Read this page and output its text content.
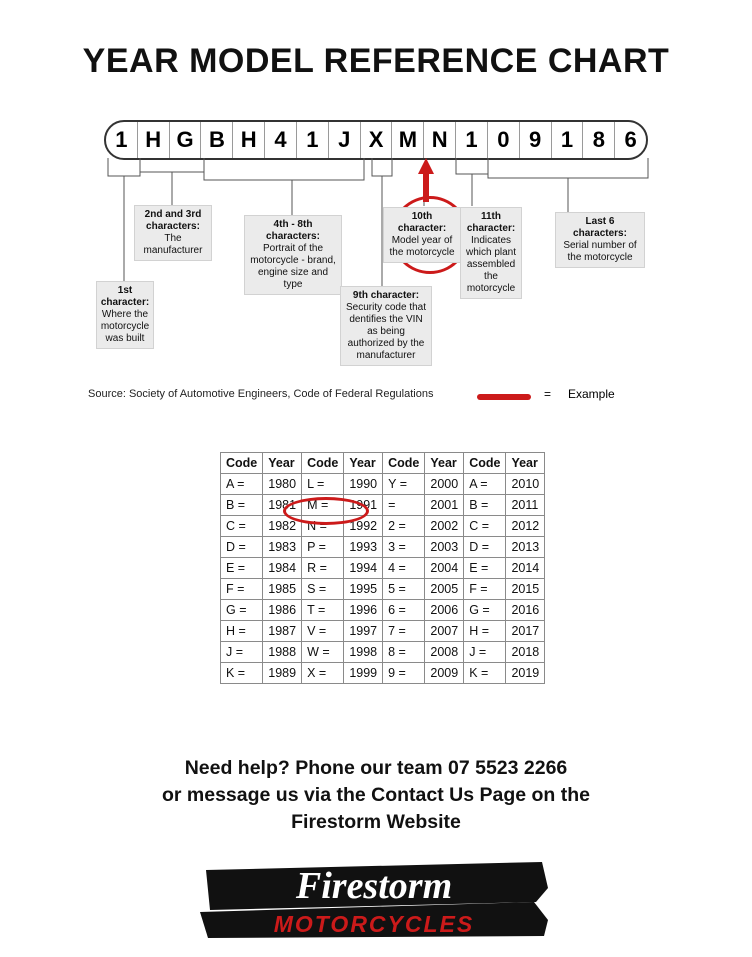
YEAR MODEL REFERENCE CHART
1 H G B H 4 1 J X M N 1 0 9 1 8 6
1st character:
Where the motorcycle was built
2nd and 3rd characters:
The manufacturer
4th - 8th characters:
Portrait of the motorcycle - brand, engine size and type
9th character:
Security code that dentifies the VIN as being authorized by the manufacturer
10th character:
Model year of the motorcycle
11th character:
Indicates which plant assembled the motorcycle
Last 6 characters:
Serial number of the motorcycle
Source: Society of Automotive Engineers, Code of Federal Regulations	= Example
Code	Year	Code	Year	Code	Year	Code	Year
A =	1980	L =	1990	Y =	2000	A =	2010
B =	1981	M =	1991	=	2001	B =	2011
C =	1982	N =	1992	2 =	2002	C =	2012
D =	1983	P =	1993	3 =	2003	D =	2013
E =	1984	R =	1994	4 =	2004	E =	2014
F =	1985	S =	1995	5 =	2005	F =	2015
G =	1986	T =	1996	6 =	2006	G =	2016
H =	1987	V =	1997	7 =	2007	H =	2017
J =	1988	W =	1998	8 =	2008	J =	2018
K =	1989	X =	1999	9 =	2009	K =	2019
Need help? Phone our team 07 5523 2266
or message us via the Contact Us Page on the
Firestorm Website
Firestorm
MOTORCYCLES
